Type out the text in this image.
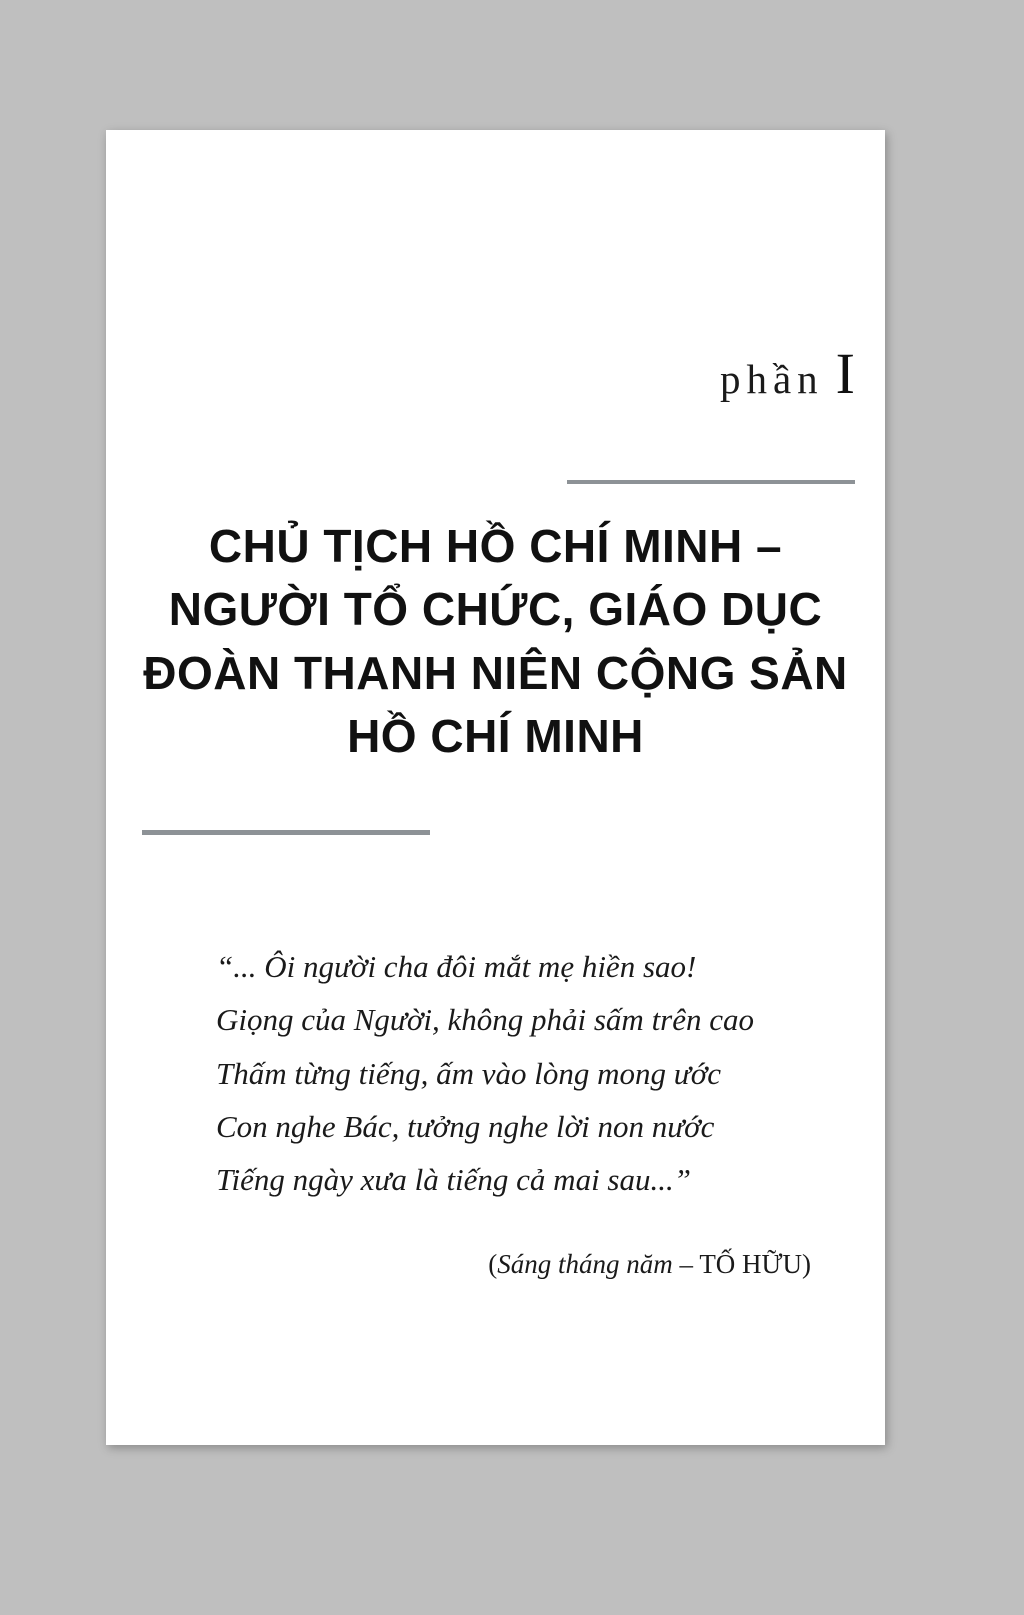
phần I
CHỦ TỊCH HỒ CHÍ MINH –
NGƯỜI TỔ CHỨC, GIÁO DỤC
ĐOÀN THANH NIÊN CỘNG SẢN
HỒ CHÍ MINH
“... Ôi người cha đôi mắt mẹ hiền sao!
Giọng của Người, không phải sấm trên cao
Thấm từng tiếng, ấm vào lòng mong ước
Con nghe Bác, tưởng nghe lời non nước
Tiếng ngày xưa là tiếng cả mai sau...”
(Sáng tháng năm – TỐ HỮU)
